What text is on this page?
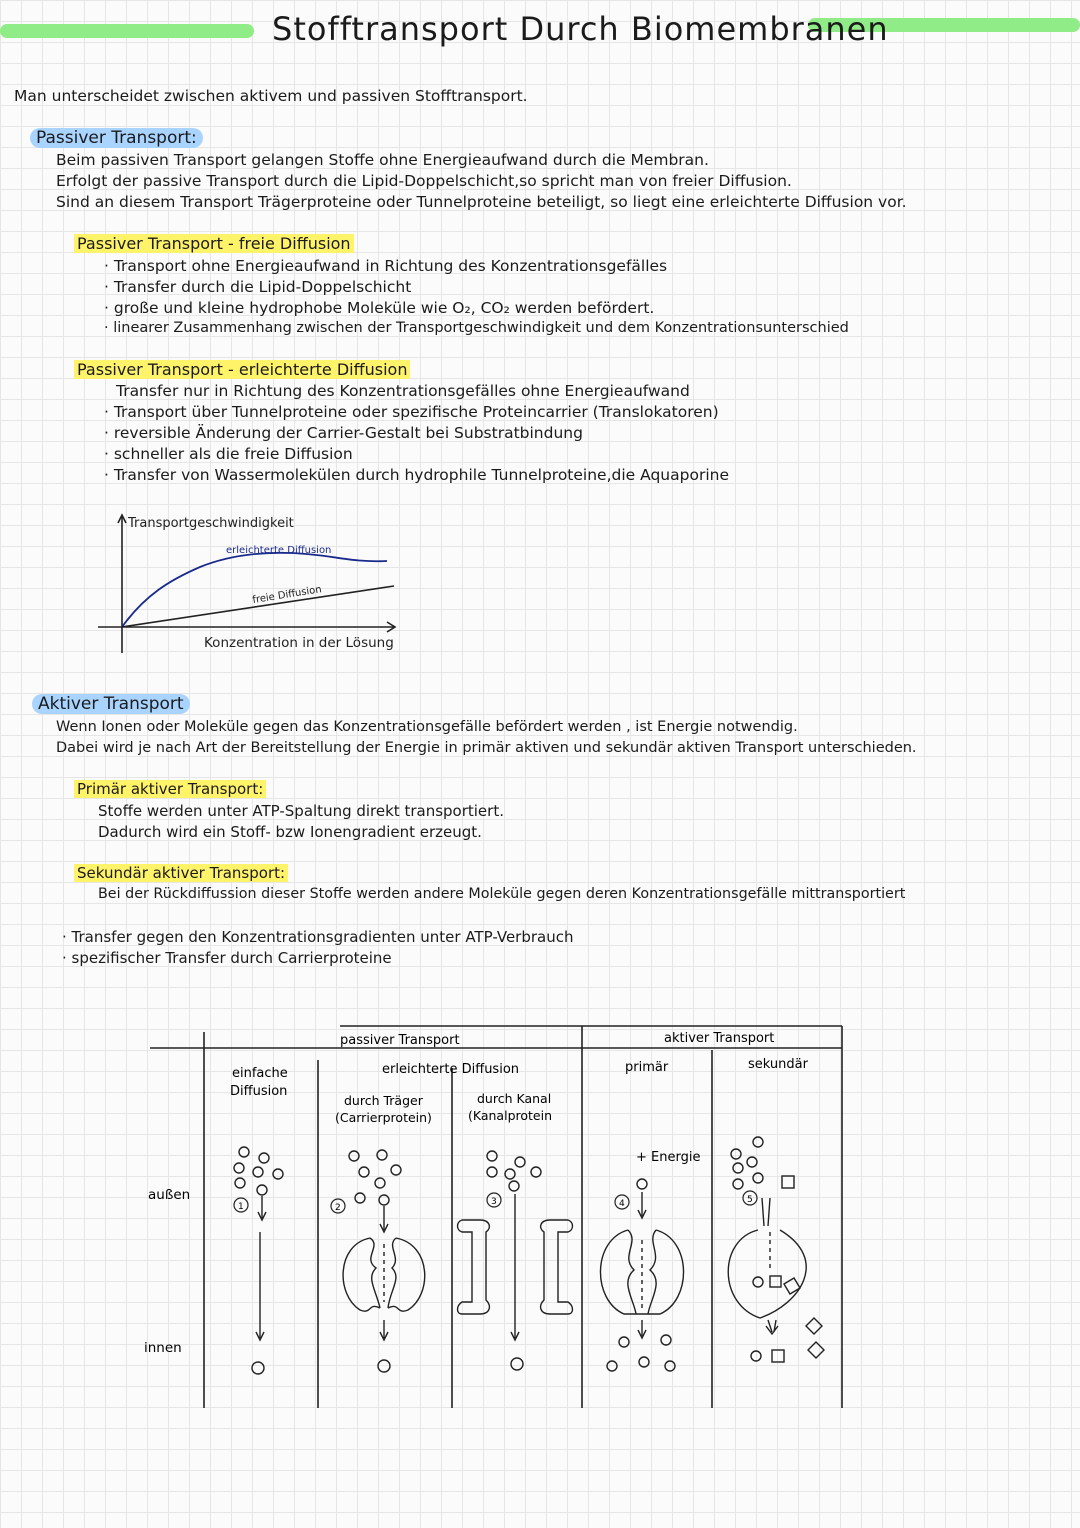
Stofftransport Durch Biomembranen
Man unterscheidet zwischen aktivem und passiven Stofftransport.
Passiver Transport:
Beim passiven Transport gelangen Stoffe ohne Energieaufwand durch die Membran.
Erfolgt der passive Transport durch die Lipid-Doppelschicht,so spricht man von freier Diffusion.
Sind an diesem Transport Trägerproteine oder Tunnelproteine beteiligt, so liegt eine erleichterte Diffusion vor.
Passiver Transport - freie Diffusion
· Transport ohne Energieaufwand in Richtung des Konzentrationsgefälles
· Transfer durch die Lipid-Doppelschicht
· große und kleine hydrophobe Moleküle wie O₂, CO₂ werden befördert.
· linearer Zusammenhang zwischen der Transportgeschwindigkeit und dem Konzentrationsunterschied
Passiver Transport - erleichterte Diffusion
Transfer nur in Richtung des Konzentrationsgefälles ohne Energieaufwand
· Transport über Tunnelproteine oder spezifische Proteincarrier (Translokatoren)
· reversible Änderung der Carrier-Gestalt bei Substratbindung
· schneller als die freie Diffusion
· Transfer von Wassermolekülen durch hydrophile Tunnelproteine,die Aquaporine
Transportgeschwindigkeit
erleichterte Diffusion
freie Diffusion
Konzentration in der Lösung
Aktiver Transport
Wenn Ionen oder Moleküle gegen das Konzentrationsgefälle befördert werden , ist Energie notwendig.
Dabei wird je nach Art der Bereitstellung der Energie in primär aktiven und sekundär aktiven Transport unterschieden.
Primär aktiver Transport:
Stoffe werden unter ATP-Spaltung direkt transportiert.
Dadurch wird ein Stoff- bzw Ionengradient erzeugt.
Sekundär aktiver Transport:
Bei der Rückdiffussion dieser Stoffe werden andere Moleküle gegen deren Konzentrationsgefälle mittransportiert
· Transfer gegen den Konzentrationsgradienten unter ATP-Verbrauch
· spezifischer Transfer durch Carrierproteine
passiver Transport	aktiver Transport
erleichterte Diffusion
einfache
Diffusion
durch Träger
(Carrierprotein)
durch Kanal
(Kanalprotein
primär	sekundär
außen
innen
+ Energie
1	2
3	4	5
